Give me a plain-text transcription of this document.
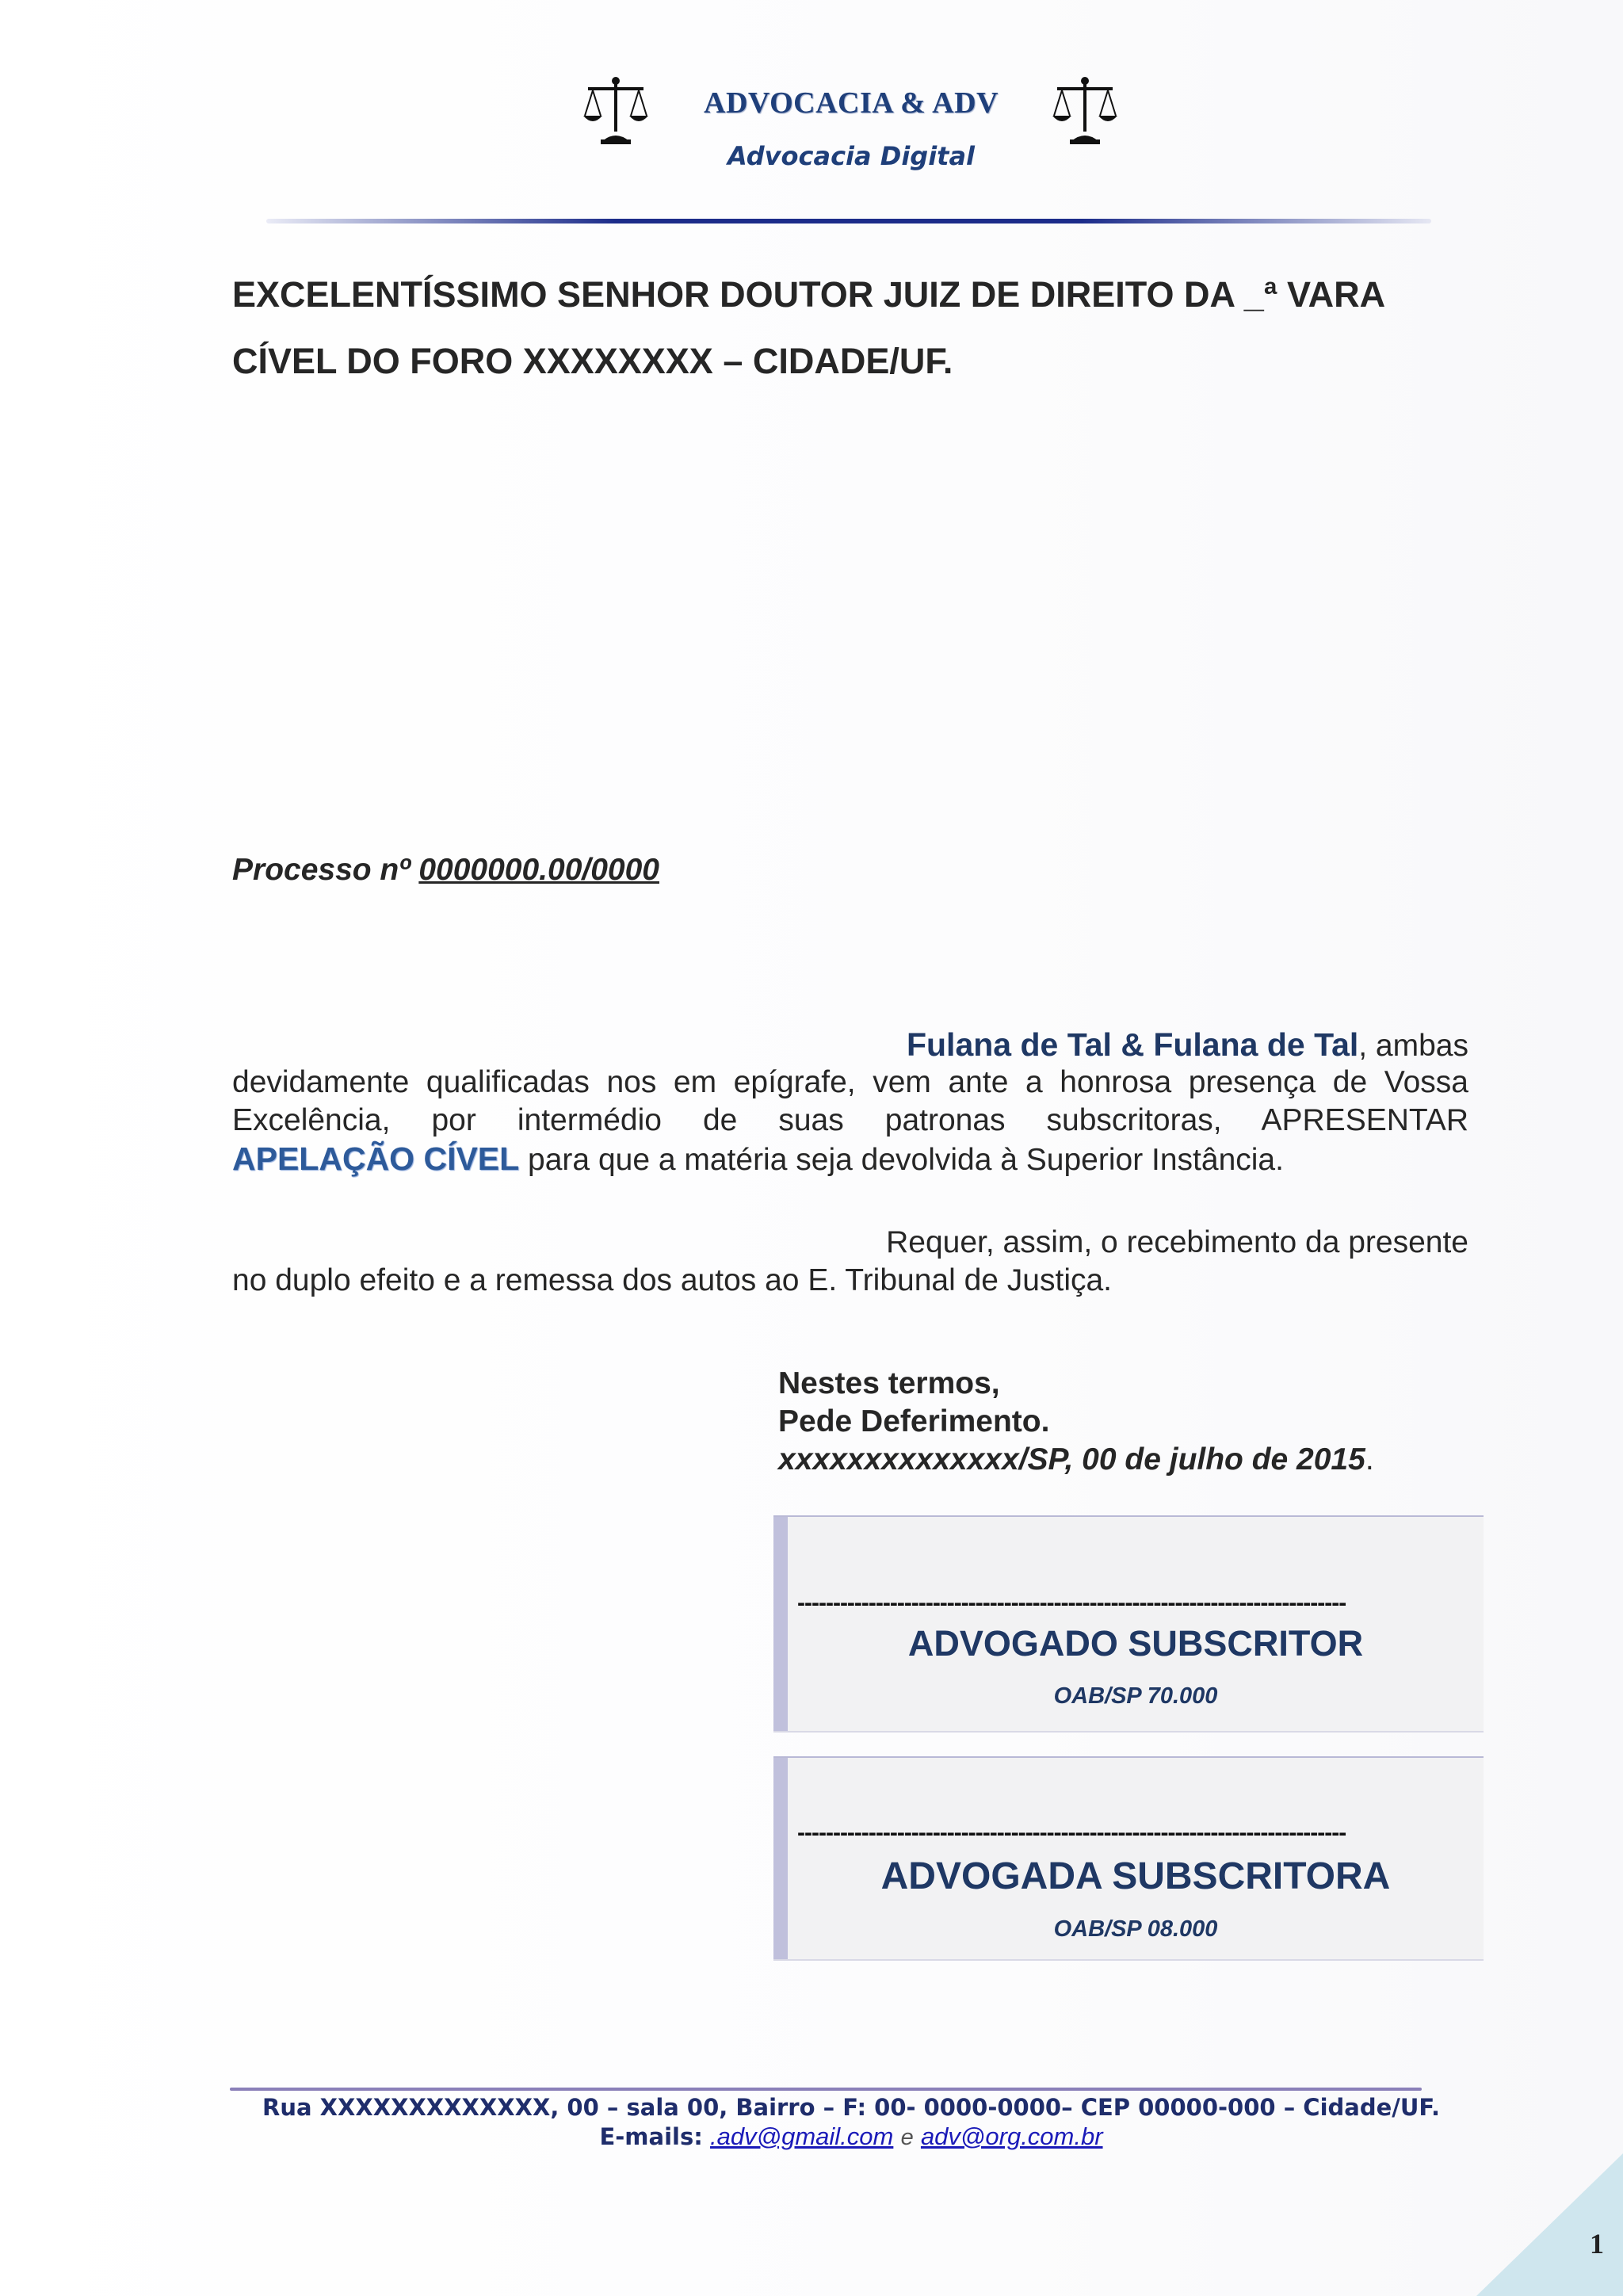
ADVOCACIA & ADV
Advocacia Digital
EXCELENTÍSSIMO SENHOR DOUTOR JUIZ DE DIREITO DA _ª VARA
CÍVEL DO FORO XXXXXXXX – CIDADE/UF.
Processo nº 0000000.00/0000
Fulana de Tal & Fulana de Tal, ambas
devidamente qualificadas nos em epígrafe, vem ante a honrosa presença de Vossa
Excelência, por intermédio de suas patronas subscritoras, APRESENTAR
APELAÇÃO CÍVEL para que a matéria seja devolvida à Superior Instância.
Requer, assim, o recebimento da presente
no duplo efeito e a remessa dos autos ao E. Tribunal de Justiça.
Nestes termos,
Pede Deferimento.
xxxxxxxxxxxxxx/SP, 00 de julho de 2015.
-----------------------------------------------------------------------------
ADVOGADO SUBSCRITOR
OAB/SP 70.000
-----------------------------------------------------------------------------
ADVOGADA SUBSCRITORA
OAB/SP 08.000
Rua XXXXXXXXXXXXX, 00 – sala 00, Bairro – F: 00- 0000-0000– CEP 00000-000 – Cidade/UF.
E-mails: .adv@gmail.com e adv@org.com.br
1
